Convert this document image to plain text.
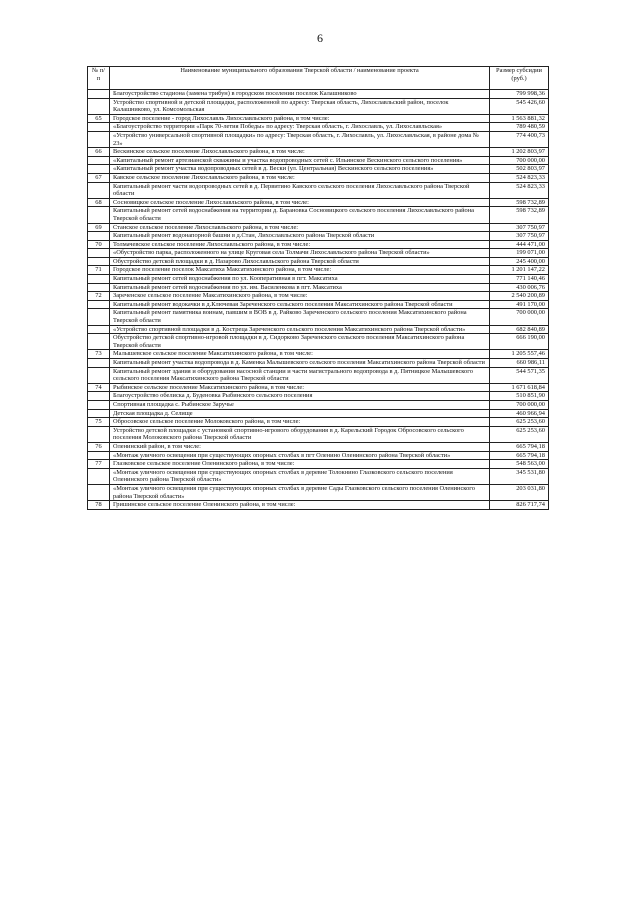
6
№ п/п	Наименование муниципального образования Тверской области / наименование проекта	Размер субсидии (руб.)
	Благоустройство стадиона (замена трибун) в городском поселении поселок Калашниково	799 998,36
	Устройство спортивной и детской площадки, расположенной по адресу: Тверская область, Лихославльский район, поселок Калашниково, ул. Комсомольская	545 426,60
65	Городское поселение - город Лихославль Лихославльского района, в том числе:	1 563 881,32
	«Благоустройство территории «Парк 70-летия Победы» по адресу: Тверская область, г. Лихославль, ул. Лихославльская»	789 480,59
	«Устройство универсальной спортивной площадки» по адресу: Тверская область, г. Лихославль, ул. Лихославльская, в районе дома № 23»	774 400,73
66	Вескинское сельское поселение Лихославльского района, в том числе:	1 202 803,97
	«Капитальный ремонт артезианской скважины и участка водопроводных сетей с. Ильинское Вескинского сельского поселения»	700 000,00
	«Капитальный ремонт участка водопроводных сетей в д. Вески (ул. Центральная) Вескинского сельского поселения»	502 803,97
67	Кавское сельское поселение Лихославльского района, в том числе:	524 823,33
	Капитальный ремонт части водопроводных сетей в д. Первитино Кавского сельского поселения Лихославльского района Тверской области	524 823,33
68	Сосновицкое сельское поселение Лихославльского района, в том числе:	598 732,89
	Капитальный ремонт сетей водоснабжения на территории д. Барановка Сосновицкого сельского поселения Лихославльского района Тверской области	598 732,89
69	Станское сельское поселение Лихославльского района, в том числе:	307 750,97
	Капитальный ремонт водонапорной башни в д.Стан, Лихославльского района Тверской области	307 750,97
70	Толмачевское сельское поселение Лихославльского района, в том числе:	444 471,00
	«Обустройство парка, расположенного на улице Круговая села Толмачи Лихославльского района Тверской области»	199 071,00
	Обустройство детской площадки в д. Назарово Лихославльского района Тверской области	245 400,00
71	Городское поселение поселок Максатиха Максатихинского района, в том числе:	1 201 147,22
	Капитальный ремонт сетей водоснабжения по ул. Кооперативная в пгт. Максатиха	771 140,46
	Капитальный ремонт сетей водоснабжения по ул. им. Василенкова в пгт. Максатиха	430 006,76
72	Зареченское сельское поселение Максатихинского района, в том числе:	2 540 200,89
	Капитальный ремонт водокачки в д.Ключевая Зареченского сельского поселения Максатихинского района Тверской области	491 170,00
	Капитальный ремонт памятника воинам, павшим в ВОВ в д. Райково Зареченского сельского поселения Максатихинского района Тверской области	700 000,00
	«Устройство спортивной площадки в д. Костреца Зареченского сельского поселения Максатихинского района Тверской области»	682 840,89
	Обустройство детской спортивно-игровой площадки в д. Сидорково Зареченского сельского поселения Максатихинского района Тверской области	666 190,00
73	Малышевское сельское поселение Максатихинского района, в том числе:	1 205 557,46
	Капитальный ремонт участка водопровода в д. Каменка Малышевского сельского поселения Максатихинского района Тверской области	660 986,11
	Капитальный ремонт здания и оборудования насосной станции и части магистрального водопровода в д. Пятницкое Малышевского сельского поселения Максатихинского района Тверской области	544 571,35
74	Рыбинское сельское поселение Максатихинского района, в том числе:	1 671 618,84
	Благоустройство обелиска д. Буденовка Рыбинского сельского поселения	510 851,90
	Спортивная площадка с. Рыбинское Заручье	700 000,00
	Детская площадка д. Селище	460 966,94
75	Обросовское сельское поселение Молоковского района, в том числе:	625 253,60
	Устройство детской площадки с установкой спортивно-игрового оборудования в д. Карельский Городок Обросовского сельского поселения Молоковского района Тверской области	625 253,60
76	Оленинский район, в том числе:	665 794,18
	«Монтаж уличного освещения при существующих опорных столбах в пгт Оленино Оленинского района Тверской области»	665 794,18
77	Глазковское сельское поселение Оленинского района, в том числе:	548 563,00
	«Монтаж уличного освещения при существующих опорных столбах в деревне Толокнино Глазковского сельского поселения Оленинского района Тверской области»	345 531,80
	«Монтаж уличного освещения при существующих опорных столбах в деревне Сады Глазковского сельского поселения Оленинского района Тверской области»	203 031,80
78	Гришинское сельское поселение Оленинского района, в том числе:	826 717,74
